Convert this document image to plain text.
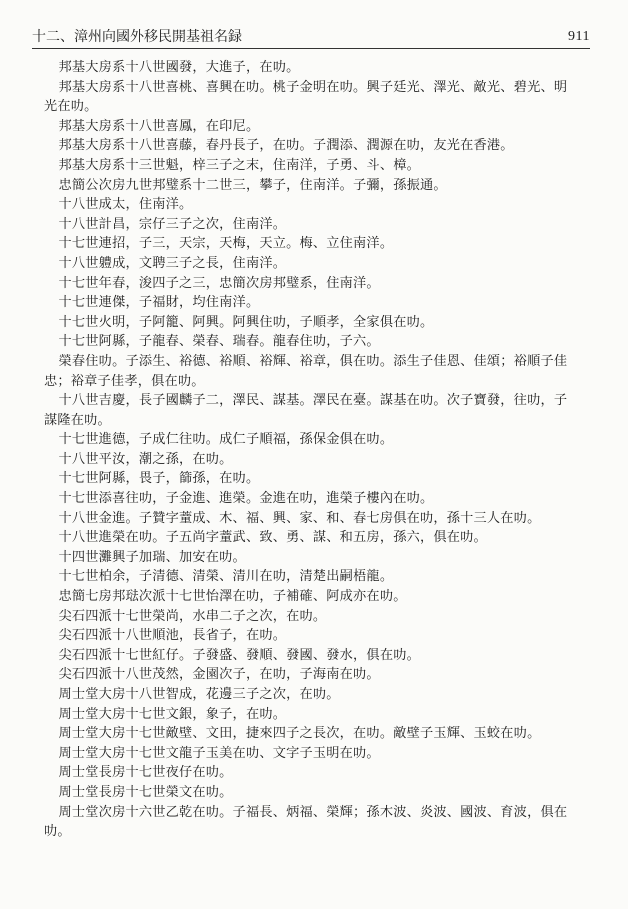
十二、漳州向國外移民開基祖名録	911

邦基大房系十八世國發，大進子，在叻。

邦基大房系十八世喜桃、喜興在叻。桃子金明在叻。興子廷光、澤光、敵光、碧光、明光在叻。

邦基大房系十八世喜鳳，在印尼。

邦基大房系十八世喜藤，春丹長子，在叻。子潤添、潤源在叻，友光在香港。

邦基大房系十三世魁，梓三子之末，住南洋，子勇、斗、樟。

忠簡公次房九世邦璧系十二世三，攀子，住南洋。子彌，孫振通。

十八世成太，住南洋。

十八世計昌，宗仔三子之次，住南洋。

十七世連招，子三，天宗，天梅，天立。梅、立住南洋。

十八世軆成，文聘三子之長，住南洋。

十七世年春，浚四子之三，忠簡次房邦璧系，住南洋。

十七世連傑，子福財，均住南洋。

十七世火明，子阿籠、阿興。阿興住叻，子順孝，全家俱在叻。

十七世阿縣，子龍春、榮春、瑞春。龍春住叻，子六。

榮春住叻。子添生、裕德、裕順、裕輝、裕章，俱在叻。添生子佳恩、佳頌；裕順子佳忠；裕章子佳孝，俱在叻。

十八世吉慶，長子國麟子二，澤民、謀基。澤民在臺。謀基在叻。次子寶發，往叻，子謀隆在叻。

十七世進德，子成仁往叻。成仁子順福，孫保金俱在叻。

十八世平汝，潮之孫，在叻。

十七世阿縣，畏子，篩孫，在叻。

十七世添喜往叻，子金進、進榮。金進在叻，進榮子樓內在叻。

十八世金進。子贊字蕫成、木、福、興、家、和、春七房俱在叻，孫十三人在叻。

十八世進榮在叻。子五尚字蕫武、致、勇、謀、和五房，孫六，俱在叻。

十四世灘興子加瑞、加安在叻。

十七世柏余，子清德、清榮、清川在叻，清楚出嗣梧龍。

忠簡七房邦琺次派十七世怡澤在叻，子補確、阿成亦在叻。

尖石四派十七世榮尚，水串二子之次，在叻。

尖石四派十八世順池，長省子，在叻。

尖石四派十七世紅仔。子發盛、發順、發國、發水，俱在叻。

尖石四派十八世茂然，金園次子，在叻，子海南在叻。

周士堂大房十八世智成，花邊三子之次，在叻。

周士堂大房十七世文銀，象子，在叻。

周士堂大房十七世敵壁、文田，捷來四子之長次，在叻。敵壁子玉輝、玉蛟在叻。

周士堂大房十七世文龍子玉美在叻、文字子玉明在叻。

周士堂長房十七世夜仔在叻。

周士堂長房十七世榮文在叻。

周士堂次房十六世乙乾在叻。子福長、炳福、榮輝；孫木波、炎波、國波、育波，俱在叻。
